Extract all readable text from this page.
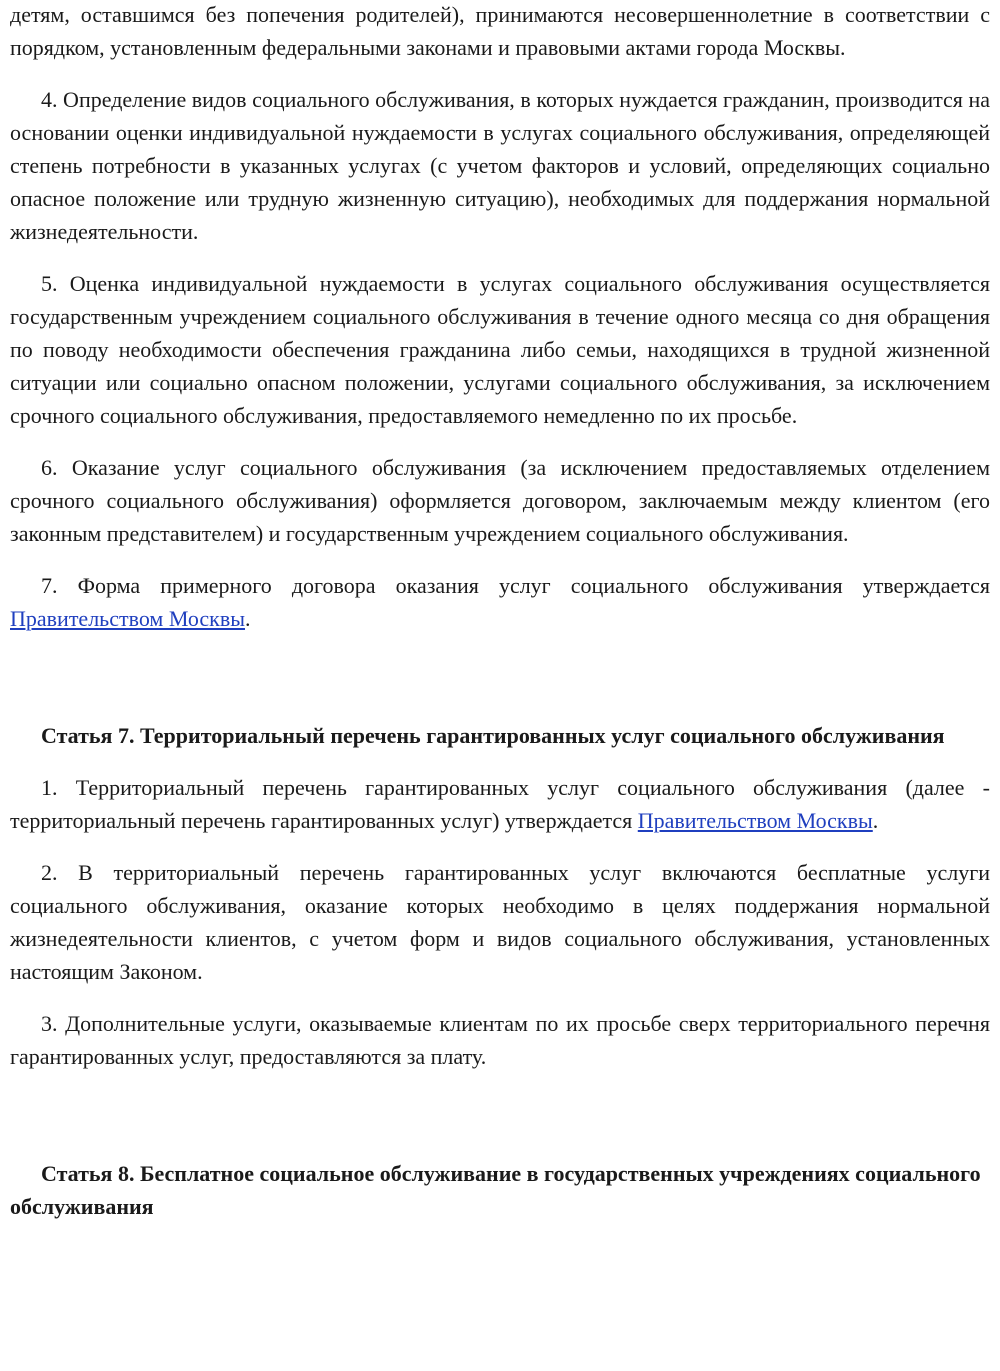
детям, оставшимся без попечения родителей), принимаются несовершеннолетние в соответствии с порядком, установленным федеральными законами и правовыми актами города Москвы.

4. Определение видов социального обслуживания, в которых нуждается гражданин, производится на основании оценки индивидуальной нуждаемости в услугах социального обслуживания, определяющей степень потребности в указанных услугах (с учетом факторов и условий, определяющих социально опасное положение или трудную жизненную ситуацию), необходимых для поддержания нормальной жизнедеятельности.

5. Оценка индивидуальной нуждаемости в услугах социального обслуживания осуществляется государственным учреждением социального обслуживания в течение одного месяца со дня обращения по поводу необходимости обеспечения гражданина либо семьи, находящихся в трудной жизненной ситуации или социально опасном положении, услугами социального обслуживания, за исключением срочного социального обслуживания, предоставляемого немедленно по их просьбе.

6. Оказание услуг социального обслуживания (за исключением предоставляемых отделением срочного социального обслуживания) оформляется договором, заключаемым между клиентом (его законным представителем) и государственным учреждением социального обслуживания.

7. Форма примерного договора оказания услуг социального обслуживания утверждается Правительством Москвы.

Статья 7. Территориальный перечень гарантированных услуг социального обслуживания

1. Территориальный перечень гарантированных услуг социального обслуживания (далее - территориальный перечень гарантированных услуг) утверждается Правительством Москвы.

2. В территориальный перечень гарантированных услуг включаются бесплатные услуги социального обслуживания, оказание которых необходимо в целях поддержания нормальной жизнедеятельности клиентов, с учетом форм и видов социального обслуживания, установленных настоящим Законом.

3. Дополнительные услуги, оказываемые клиентам по их просьбе сверх территориального перечня гарантированных услуг, предоставляются за плату.

Статья 8. Бесплатное социальное обслуживание в государственных учреждениях социального обслуживания
